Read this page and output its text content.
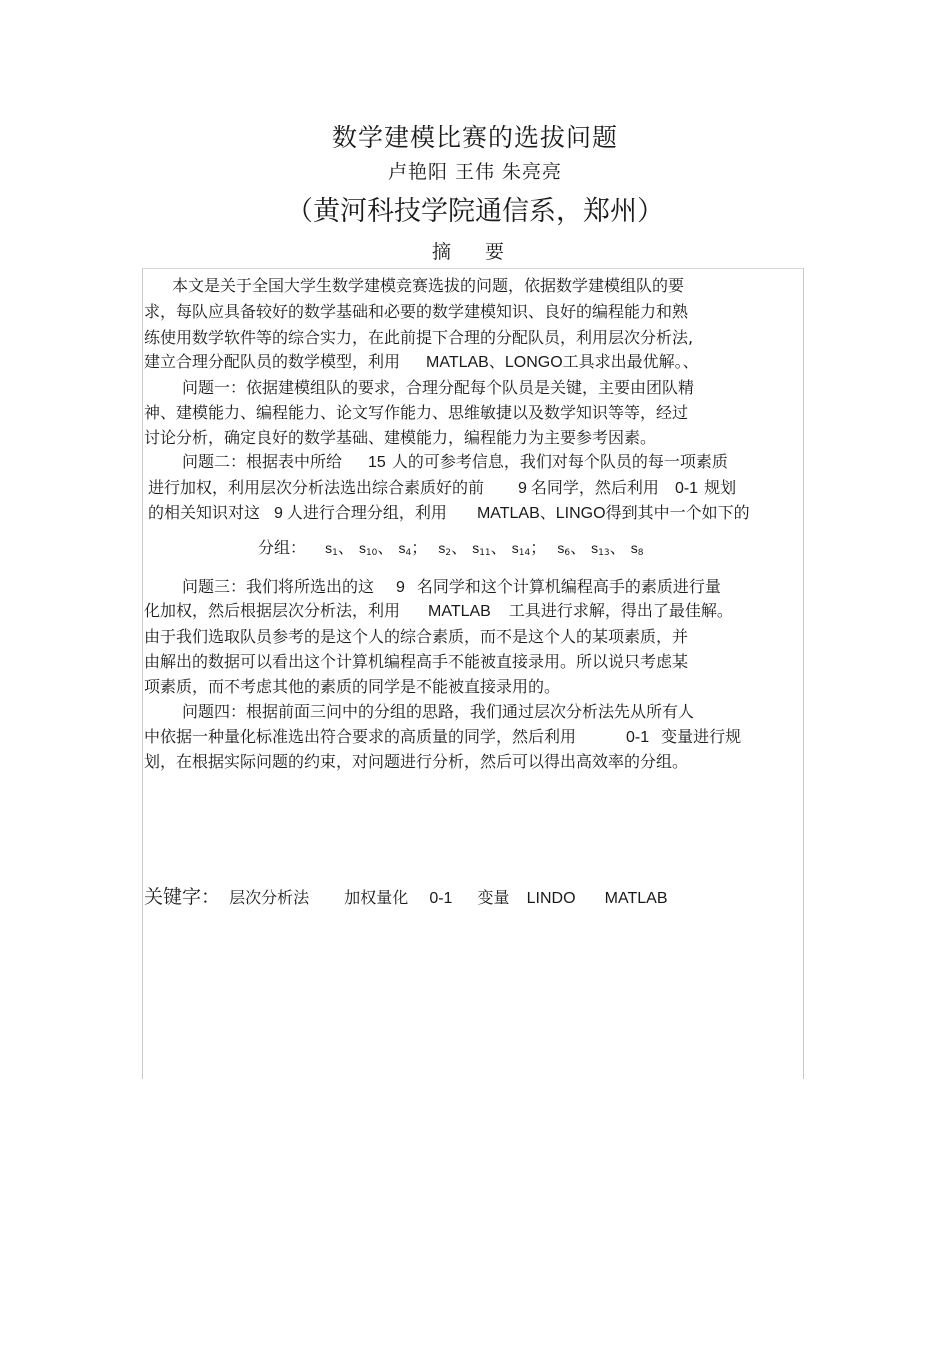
数学建模比赛的选拔问题
卢艳阳 王伟 朱亮亮
（黄河科技学院通信系，郑州）
摘 要
本文是关于全国大学生数学建模竞赛选拔的问题，依据数学建模组队的要
求，每队应具备较好的数学基础和必要的数学建模知识、良好的编程能力和熟
练使用数学软件等的综合实力，在此前提下合理的分配队员，利用层次分析法,
建立合理分配队员的数学模型，利用 MATLAB、LONGO工具求出最优解。、
问题一：依据建模组队的要求，合理分配每个队员是关键，主要由团队精
神、建模能力、编程能力、论文写作能力、思维敏捷以及数学知识等等，经过
讨论分析，确定良好的数学基础、建模能力，编程能力为主要参考因素。
问题二：根据表中所给 15 人的可参考信息，我们对每个队员的每一项素质
进行加权，利用层次分析法选出综合素质好的前 9 名同学，然后利用 0-1 规划
的相关知识对这 9 人进行合理分组，利用 MATLAB、LINGO得到其中一个如下的
分组： $s_1$、 $s_{10}$、 $s_4$； $s_2$、 $s_{11}$、 $s_{14}$； $s_6$、 $s_{13}$、 $s_8$
问题三：我们将所选出的这 9 名同学和这个计算机编程高手的素质进行量
化加权，然后根据层次分析法，利用 MATLAB 工具进行求解，得出了最佳解。
由于我们选取队员参考的是这个人的综合素质，而不是这个人的某项素质，并
由解出的数据可以看出这个计算机编程高手不能被直接录用。所以说只考虑某
项素质，而不考虑其他的素质的同学是不能被直接录用的。
问题四：根据前面三问中的分组的思路，我们通过层次分析法先从所有人
中依据一种量化标准选出符合要求的高质量的同学，然后利用	0-1 变量进行规
划，在根据实际问题的约束，对问题进行分析，然后可以得出高效率的分组。
关键字： 层次分析法 加权量化 0-1 变量 LINDO MATLAB
